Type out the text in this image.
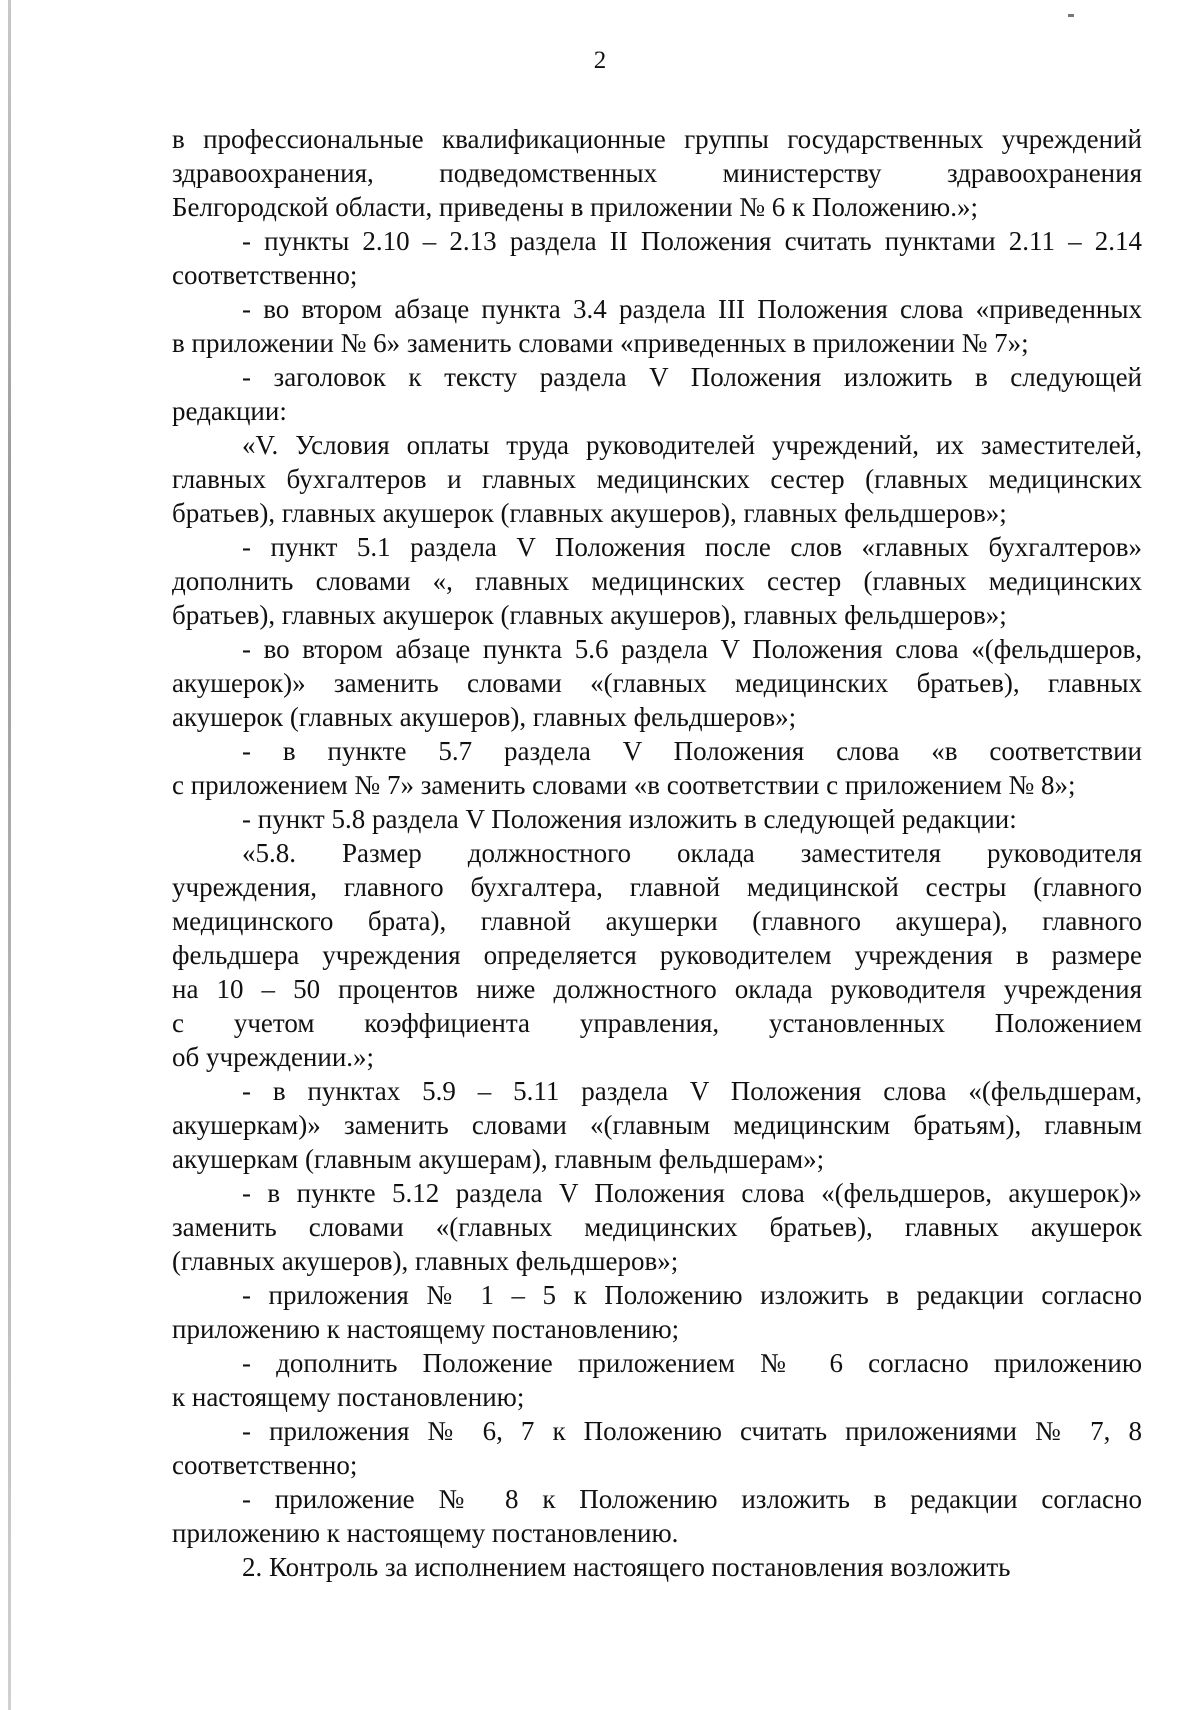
2
в профессиональные квалификационные группы государственных учреждений
здравоохранения, подведомственных министерству здравоохранения
Белгородской области, приведены в приложении № 6 к Положению.»;
- пункты 2.10 – 2.13 раздела II Положения считать пунктами 2.11 – 2.14
соответственно;
- во втором абзаце пункта 3.4 раздела III Положения слова «приведенных
в приложении № 6» заменить словами «приведенных в приложении № 7»;
- заголовок к тексту раздела V Положения изложить в следующей
редакции:
«V. Условия оплаты труда руководителей учреждений, их заместителей,
главных бухгалтеров и главных медицинских сестер (главных медицинских
братьев), главных акушерок (главных акушеров), главных фельдшеров»;
- пункт 5.1 раздела V Положения после слов «главных бухгалтеров»
дополнить словами «, главных медицинских сестер (главных медицинских
братьев), главных акушерок (главных акушеров), главных фельдшеров»;
- во втором абзаце пункта 5.6 раздела V Положения слова «(фельдшеров,
акушерок)» заменить словами «(главных медицинских братьев), главных
акушерок (главных акушеров), главных фельдшеров»;
- в пункте 5.7 раздела V Положения слова «в соответствии
с приложением № 7» заменить словами «в соответствии с приложением № 8»;
- пункт 5.8 раздела V Положения изложить в следующей редакции:
«5.8. Размер должностного оклада заместителя руководителя
учреждения, главного бухгалтера, главной медицинской сестры (главного
медицинского брата), главной акушерки (главного акушера), главного
фельдшера учреждения определяется руководителем учреждения в размере
на 10 – 50 процентов ниже должностного оклада руководителя учреждения
с учетом коэффициента управления, установленных Положением
об учреждении.»;
- в пунктах 5.9 – 5.11 раздела V Положения слова «(фельдшерам,
акушеркам)» заменить словами «(главным медицинским братьям), главным
акушеркам (главным акушерам), главным фельдшерам»;
- в пункте 5.12 раздела V Положения слова «(фельдшеров, акушерок)»
заменить словами «(главных медицинских братьев), главных акушерок
(главных акушеров), главных фельдшеров»;
- приложения № 1 – 5 к Положению изложить в редакции согласно
приложению к настоящему постановлению;
- дополнить Положение приложением № 6 согласно приложению
к настоящему постановлению;
- приложения № 6, 7 к Положению считать приложениями № 7, 8
соответственно;
- приложение № 8 к Положению изложить в редакции согласно
приложению к настоящему постановлению.
2. Контроль за исполнением настоящего постановления возложить
